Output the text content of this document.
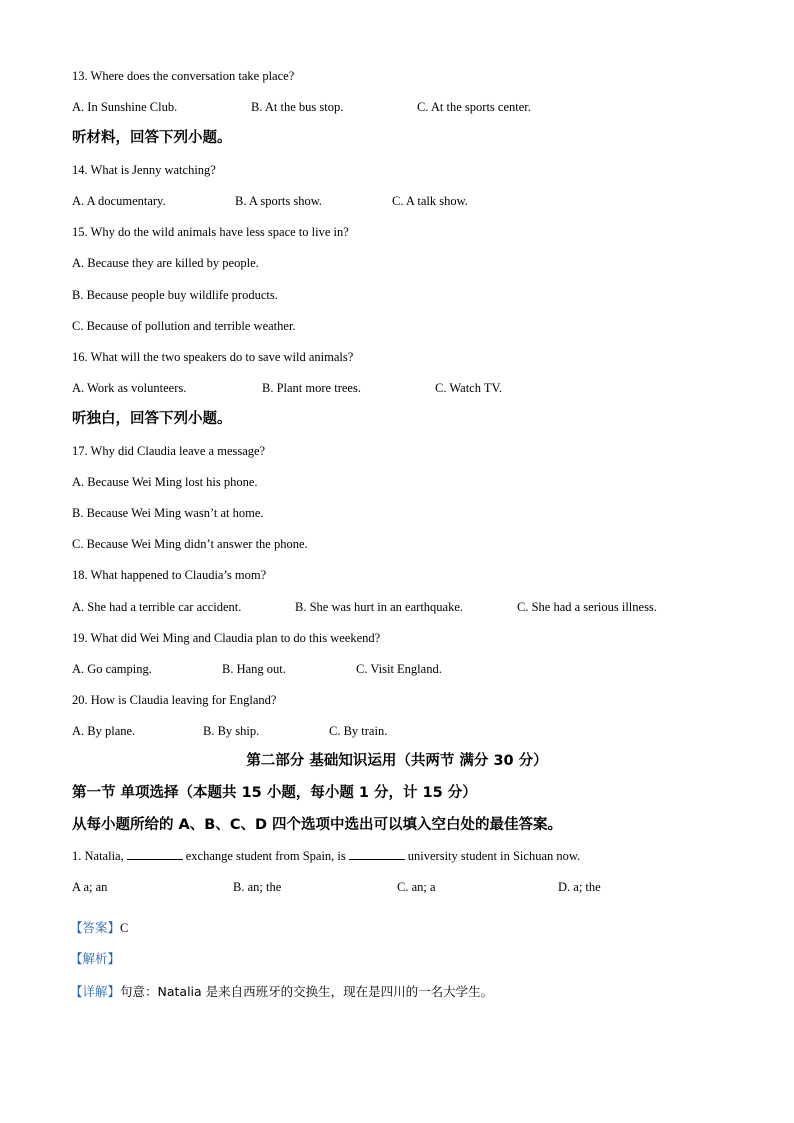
13. Where does the conversation take place?
A. In Sunshine Club.	B. At the bus stop.	C. At the sports center.
听材料，回答下列小题。
14. What is Jenny watching?
A. A documentary.	B. A sports show.	C. A talk show.
15. Why do the wild animals have less space to live in?
A. Because they are killed by people.
B. Because people buy wildlife products.
C. Because of pollution and terrible weather.
16. What will the two speakers do to save wild animals?
A. Work as volunteers.	B. Plant more trees.	C. Watch TV.
听独白，回答下列小题。
17. Why did Claudia leave a message?
A. Because Wei Ming lost his phone.
B. Because Wei Ming wasn’t at home.
C. Because Wei Ming didn’t answer the phone.
18. What happened to Claudia’s mom?
A. She had a terrible car accident.	B. She was hurt in an earthquake.	C. She had a serious illness.
19. What did Wei Ming and Claudia plan to do this weekend?
A. Go camping.	B. Hang out.	C. Visit England.
20. How is Claudia leaving for England?
A. By plane.	B. By ship.	C. By train.
第二部分 基础知识运用（共两节 满分 30 分）
第一节 单项选择（本题共 15 小题，每小题 1 分，计 15 分）
从每小题所给的 A、B、C、D 四个选项中选出可以填入空白处的最佳答案。
1. Natalia,	exchange student from Spain, is	university student in Sichuan now.
A a; an	B. an; the	C. an; a	D. a; the
【答案】C
【解析】
【详解】句意：Natalia 是来自西班牙的交换生，现在是四川的一名大学生。
